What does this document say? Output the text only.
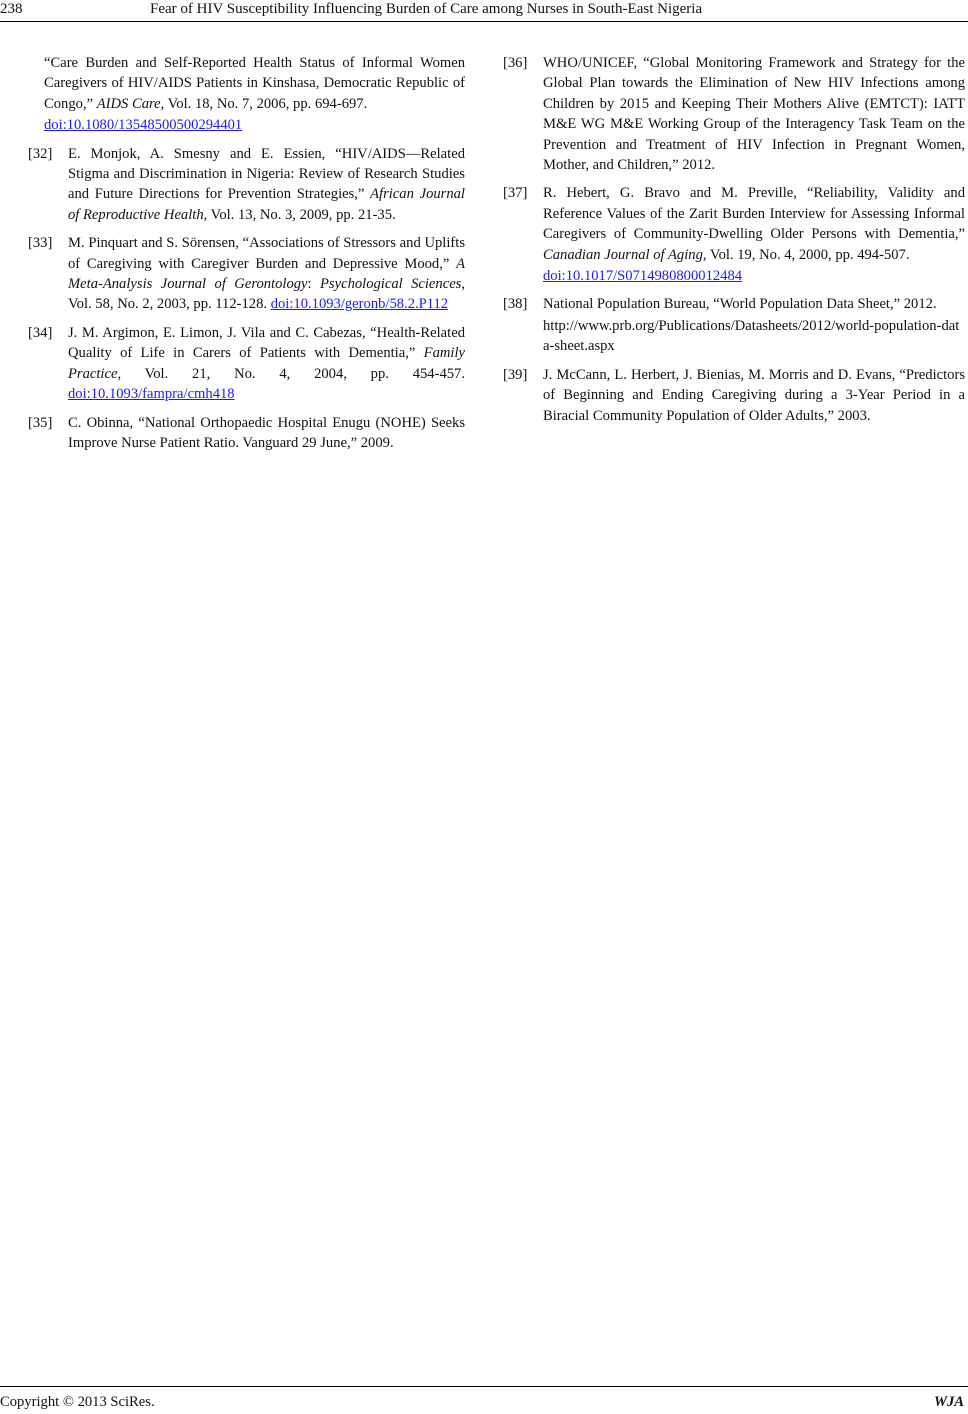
238	Fear of HIV Susceptibility Influencing Burden of Care among Nurses in South-East Nigeria
“Care Burden and Self-Reported Health Status of Informal Women Caregivers of HIV/AIDS Patients in Kinshasa, Democratic Republic of Congo,” AIDS Care, Vol. 18, No. 7, 2006, pp. 694-697.
doi:10.1080/13548500500294401
[32] E. Monjok, A. Smesny and E. Essien, “HIV/AIDS—Related Stigma and Discrimination in Nigeria: Review of Research Studies and Future Directions for Prevention Strategies,” African Journal of Reproductive Health, Vol. 13, No. 3, 2009, pp. 21-35.
[33] M. Pinquart and S. Sörensen, “Associations of Stressors and Uplifts of Caregiving with Caregiver Burden and Depressive Mood,” A Meta-Analysis Journal of Gerontology: Psychological Sciences, Vol. 58, No. 2, 2003, pp. 112-128. doi:10.1093/geronb/58.2.P112
[34] J. M. Argimon, E. Limon, J. Vila and C. Cabezas, “Health-Related Quality of Life in Carers of Patients with Dementia,” Family Practice, Vol. 21, No. 4, 2004, pp. 454-457. doi:10.1093/fampra/cmh418
[35] C. Obinna, “National Orthopaedic Hospital Enugu (NOHE) Seeks Improve Nurse Patient Ratio. Vanguard 29 June,” 2009.
[36] WHO/UNICEF, “Global Monitoring Framework and Strategy for the Global Plan towards the Elimination of New HIV Infections among Children by 2015 and Keeping Their Mothers Alive (EMTCT): IATT M&E WG M&E Working Group of the Interagency Task Team on the Prevention and Treatment of HIV Infection in Pregnant Women, Mother, and Children,” 2012.
[37] R. Hebert, G. Bravo and M. Preville, “Reliability, Validity and Reference Values of the Zarit Burden Interview for Assessing Informal Caregivers of Community-Dwelling Older Persons with Dementia,” Canadian Journal of Aging, Vol. 19, No. 4, 2000, pp. 494-507.
doi:10.1017/S0714980800012484
[38] National Population Bureau, “World Population Data Sheet,” 2012.
http://www.prb.org/Publications/Datasheets/2012/world-population-data-sheet.aspx
[39] J. McCann, L. Herbert, J. Bienias, M. Morris and D. Evans, “Predictors of Beginning and Ending Caregiving during a 3-Year Period in a Biracial Community Population of Older Adults,” 2003.
Copyright © 2013 SciRes.	WJA
